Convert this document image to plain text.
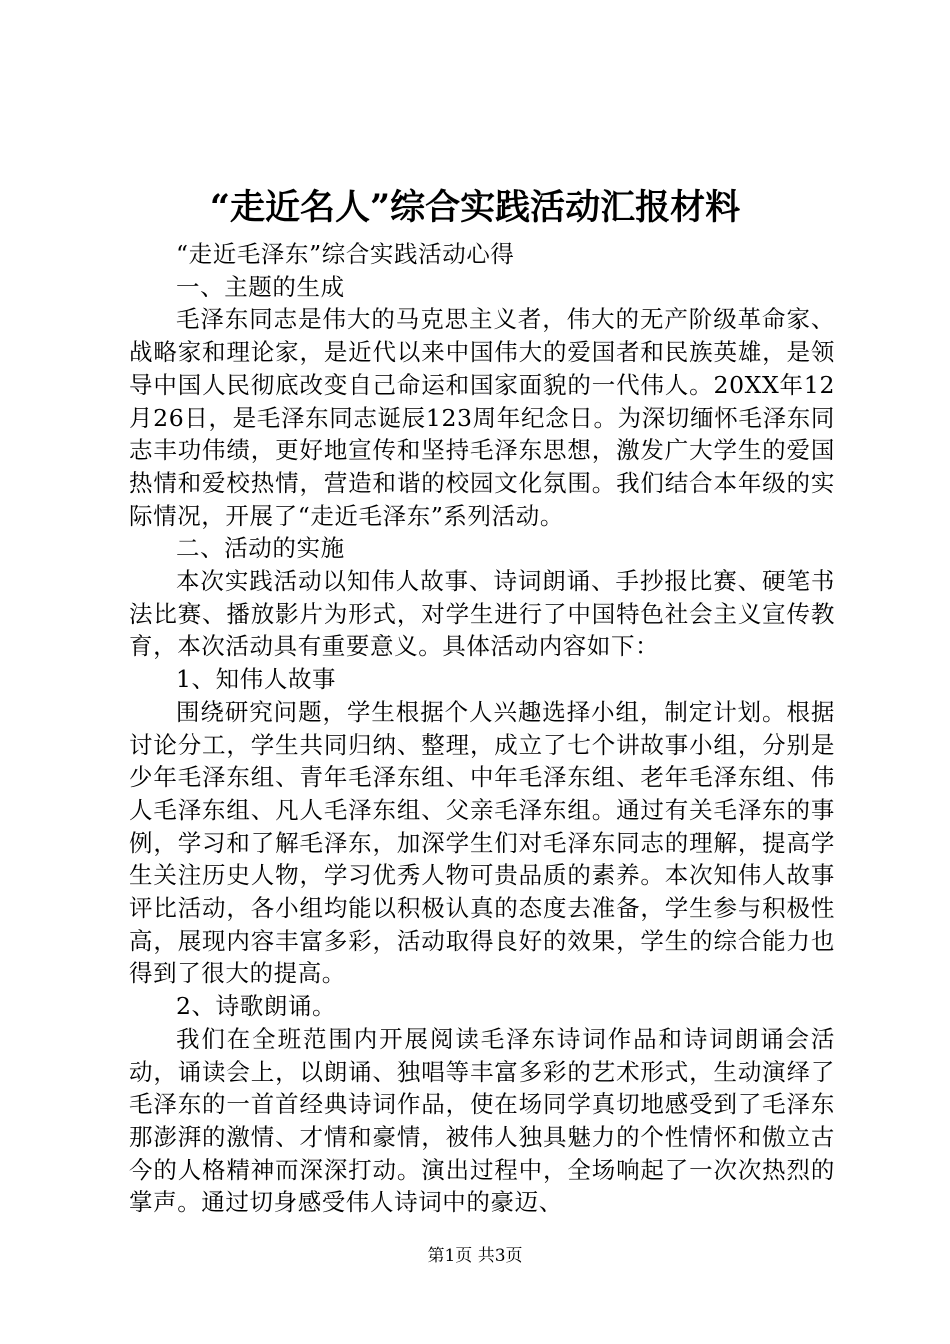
“走近名人”综合实践活动汇报材料

“走近毛泽东”综合实践活动心得

一、主题的生成

毛泽东同志是伟大的马克思主义者，伟大的无产阶级革命家、战略家和理论家，是近代以来中国伟大的爱国者和民族英雄，是领导中国人民彻底改变自己命运和国家面貌的一代伟人。20XX年12月26日，是毛泽东同志诞辰123周年纪念日。为深切缅怀毛泽东同志丰功伟绩，更好地宣传和坚持毛泽东思想，激发广大学生的爱国热情和爱校热情，营造和谐的校园文化氛围。我们结合本年级的实际情况，开展了“走近毛泽东”系列活动。

二、活动的实施

本次实践活动以知伟人故事、诗词朗诵、手抄报比赛、硬笔书法比赛、播放影片为形式，对学生进行了中国特色社会主义宣传教育，本次活动具有重要意义。具体活动内容如下：

1、知伟人故事

围绕研究问题，学生根据个人兴趣选择小组，制定计划。根据讨论分工，学生共同归纳、整理，成立了七个讲故事小组，分别是少年毛泽东组、青年毛泽东组、中年毛泽东组、老年毛泽东组、伟人毛泽东组、凡人毛泽东组、父亲毛泽东组。通过有关毛泽东的事例，学习和了解毛泽东，加深学生们对毛泽东同志的理解，提高学生关注历史人物，学习优秀人物可贵品质的素养。本次知伟人故事评比活动，各小组均能以积极认真的态度去准备，学生参与积极性高，展现内容丰富多彩，活动取得良好的效果，学生的综合能力也得到了很大的提高。

2、诗歌朗诵。

我们在全班范围内开展阅读毛泽东诗词作品和诗词朗诵会活动，诵读会上，以朗诵、独唱等丰富多彩的艺术形式，生动演绎了毛泽东的一首首经典诗词作品，使在场同学真切地感受到了毛泽东那澎湃的激情、才情和豪情，被伟人独具魅力的个性情怀和傲立古今的人格精神而深深打动。演出过程中，全场响起了一次次热烈的掌声。通过切身感受伟人诗词中的豪迈、

第1页 共3页
